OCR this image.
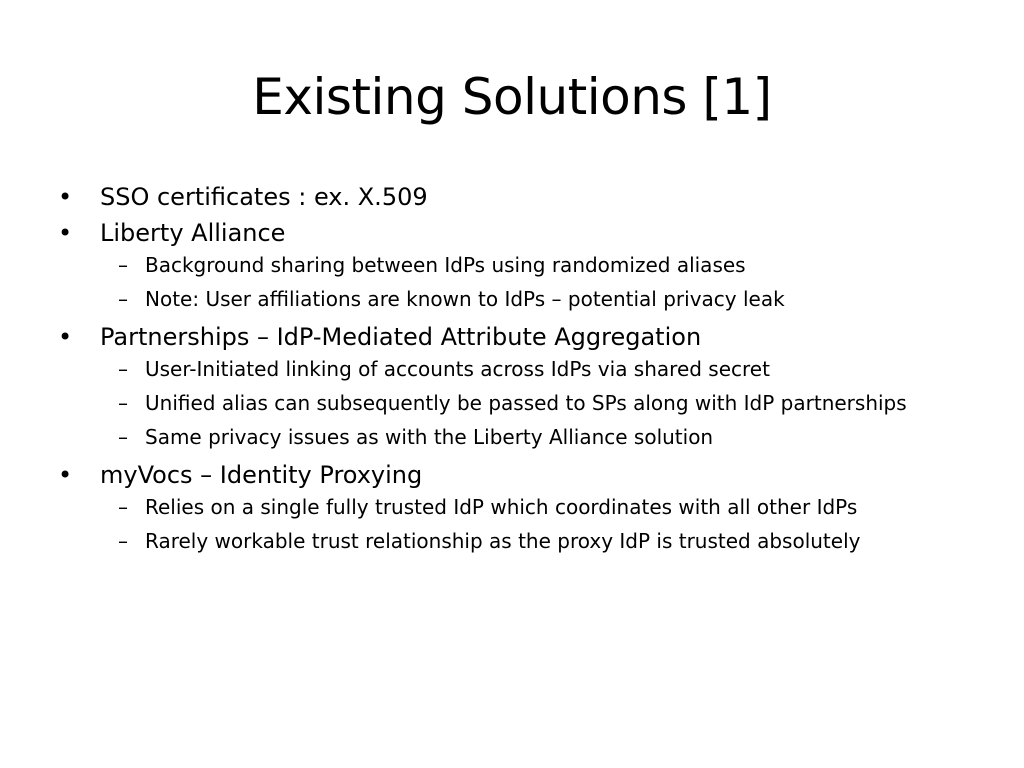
Existing Solutions [1]
• SSO certificates : ex. X.509
• Liberty Alliance
– Background sharing between IdPs using randomized aliases
– Note: User affiliations are known to IdPs – potential privacy leak
• Partnerships – IdP-Mediated Attribute Aggregation
– User-Initiated linking of accounts across IdPs via shared secret
– Unified alias can subsequently be passed to SPs along with IdP partnerships
– Same privacy issues as with the Liberty Alliance solution
• myVocs – Identity Proxying
– Relies on a single fully trusted IdP which coordinates with all other IdPs
– Rarely workable trust relationship as the proxy IdP is trusted absolutely
